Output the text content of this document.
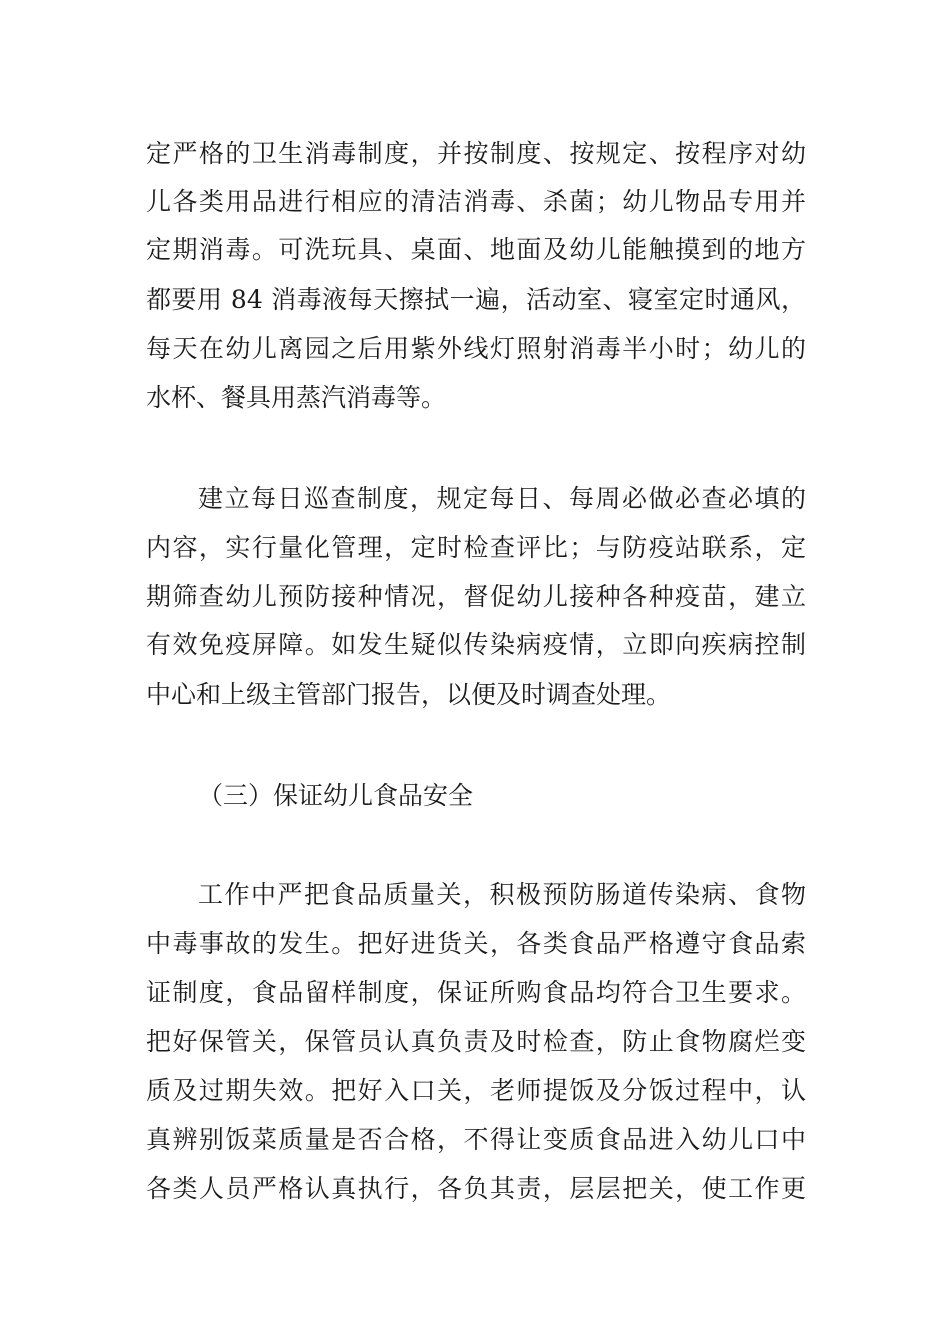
定严格的卫生消毒制度，并按制度、按规定、按程序对幼
儿各类用品进行相应的清洁消毒、杀菌；幼儿物品专用并
定期消毒。可洗玩具、桌面、地面及幼儿能触摸到的地方
都要用 84 消毒液每天擦拭一遍，活动室、寝室定时通风，
每天在幼儿离园之后用紫外线灯照射消毒半小时；幼儿的
水杯、餐具用蒸汽消毒等。
建立每日巡查制度，规定每日、每周必做必查必填的
内容，实行量化管理，定时检查评比；与防疫站联系，定
期筛查幼儿预防接种情况，督促幼儿接种各种疫苗，建立
有效免疫屏障。如发生疑似传染病疫情，立即向疾病控制
中心和上级主管部门报告，以便及时调查处理。
（三）保证幼儿食品安全
工作中严把食品质量关，积极预防肠道传染病、食物
中毒事故的发生。把好进货关，各类食品严格遵守食品索
证制度，食品留样制度，保证所购食品均符合卫生要求。
把好保管关，保管员认真负责及时检查，防止食物腐烂变
质及过期失效。把好入口关，老师提饭及分饭过程中，认
真辨别饭菜质量是否合格，不得让变质食品进入幼儿口中
各类人员严格认真执行，各负其责，层层把关，使工作更
